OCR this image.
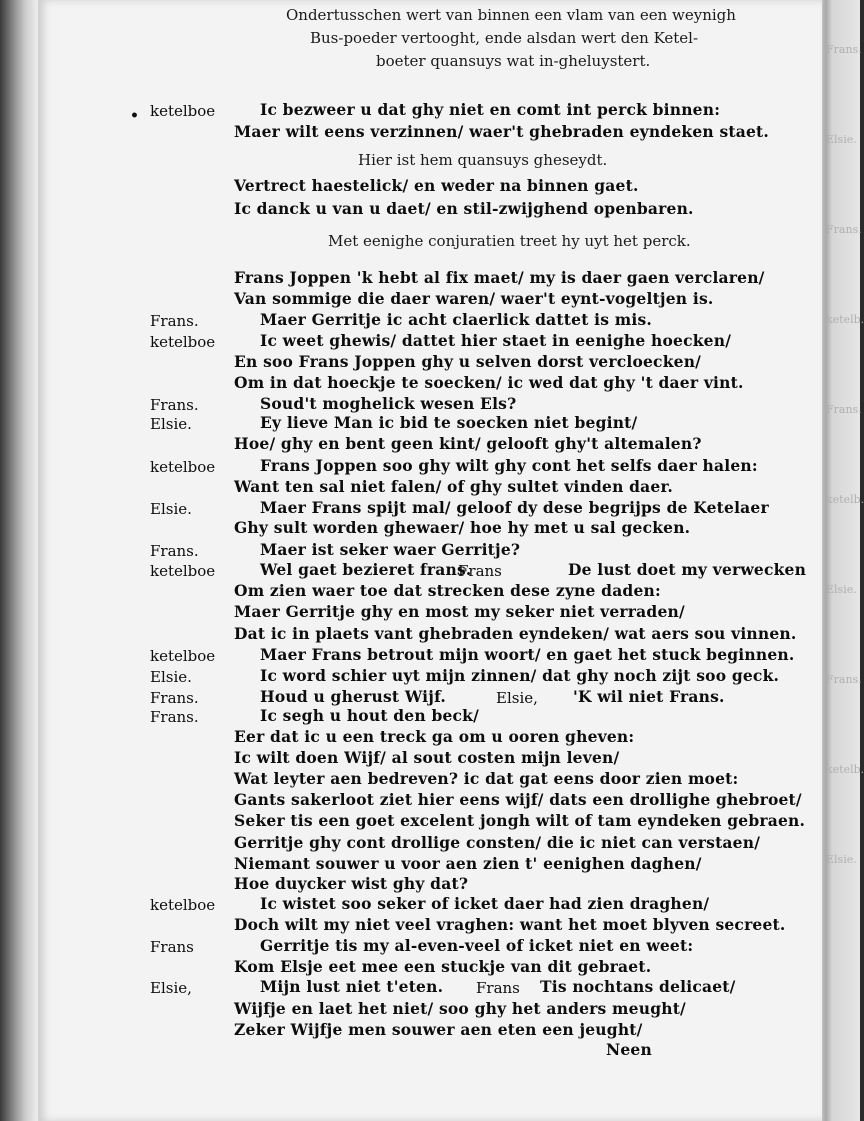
Frans.
Elsie.
Frans.
ketelb.
Frans.
ketelb.
Elsie.
Frans.
ketelb.
Elsie.
Ondertusschen wert van binnen een vlam van een weynigh
Bus-poeder vertooght, ende alsdan wert den Ketel-
boeter quansuys wat in-gheluystert.
• ketelboe	Ic bezweer u dat ghy niet en comt int perck binnen:
Maer wilt eens verzinnen/ waer't ghebraden eyndeken staet.
Hier ist hem quansuys gheseydt.
Vertrect haestelick/ en weder na binnen gaet.
Ic danck u van u daet/ en stil-zwijghend openbaren.
Met eenighe conjuratien treet hy uyt het perck.
Frans Joppen 'k hebt al fix maet/ my is daer gaen verclaren/
Van sommige die daer waren/ waer't eynt-vogeltjen is.
Frans.	Maer Gerritje ic acht claerlick dattet is mis.
ketelboe	Ic weet ghewis/ dattet hier staet in eenighe hoecken/
En soo Frans Joppen ghy u selven dorst vercloecken/
Om in dat hoeckje te soecken/ ic wed dat ghy 't daer vint.
Frans.	Soud't moghelick wesen Els?
Elsie.	Ey lieve Man ic bid te soecken niet begint/
Hoe/ ghy en bent geen kint/ gelooft ghy't altemalen?
ketelboe	Frans Joppen soo ghy wilt ghy cont het selfs daer halen:
Want ten sal niet falen/ of ghy sultet vinden daer.
Elsie.	Maer Frans spijt mal/ geloof dy dese begrijps de Ketelaer
Ghy sult worden ghewaer/ hoe hy met u sal gecken.
Frans.	Maer ist seker waer Gerritje?
ketelboe	Wel gaet bezieret frans.
Frans	De lust doet my verwecken
Om zien waer toe dat strecken dese zyne daden:
Maer Gerritje ghy en most my seker niet verraden/
Dat ic in plaets vant ghebraden eyndeken/ wat aers sou vinnen.
ketelboe	Maer Frans betrout mijn woort/ en gaet het stuck beginnen.
Elsie.	Ic word schier uyt mijn zinnen/ dat ghy noch zijt soo geck.
Frans.	Houd u gherust Wijf.	Elsie, 'K wil niet Frans.
Frans.	Ic segh u hout den beck/
Eer dat ic u een treck ga om u ooren gheven:
Ic wilt doen Wijf/ al sout costen mijn leven/
Wat leyter aen bedreven? ic dat gat eens door zien moet:
Gants sakerloot ziet hier eens wijf/ dats een drollighe ghebroet/
Seker tis een goet excelent jongh wilt of tam eyndeken gebraen.
Gerritje ghy cont drollige consten/ die ic niet can verstaen/
Niemant souwer u voor aen zien t' eenighen daghen/
Hoe duycker wist ghy dat?
ketelboe	Ic wistet soo seker of icket daer had zien draghen/
Doch wilt my niet veel vraghen: want het moet blyven secreet.
Frans	Gerritje tis my al-even-veel of icket niet en weet:
Kom Elsje eet mee een stuckje van dit gebraet.
Elsie,	Mijn lust niet t'eten. Frans Tis nochtans delicaet/
Wijfje en laet het niet/ soo ghy het anders meught/
Zeker Wijfje men souwer aen eten een jeught/
Neen
